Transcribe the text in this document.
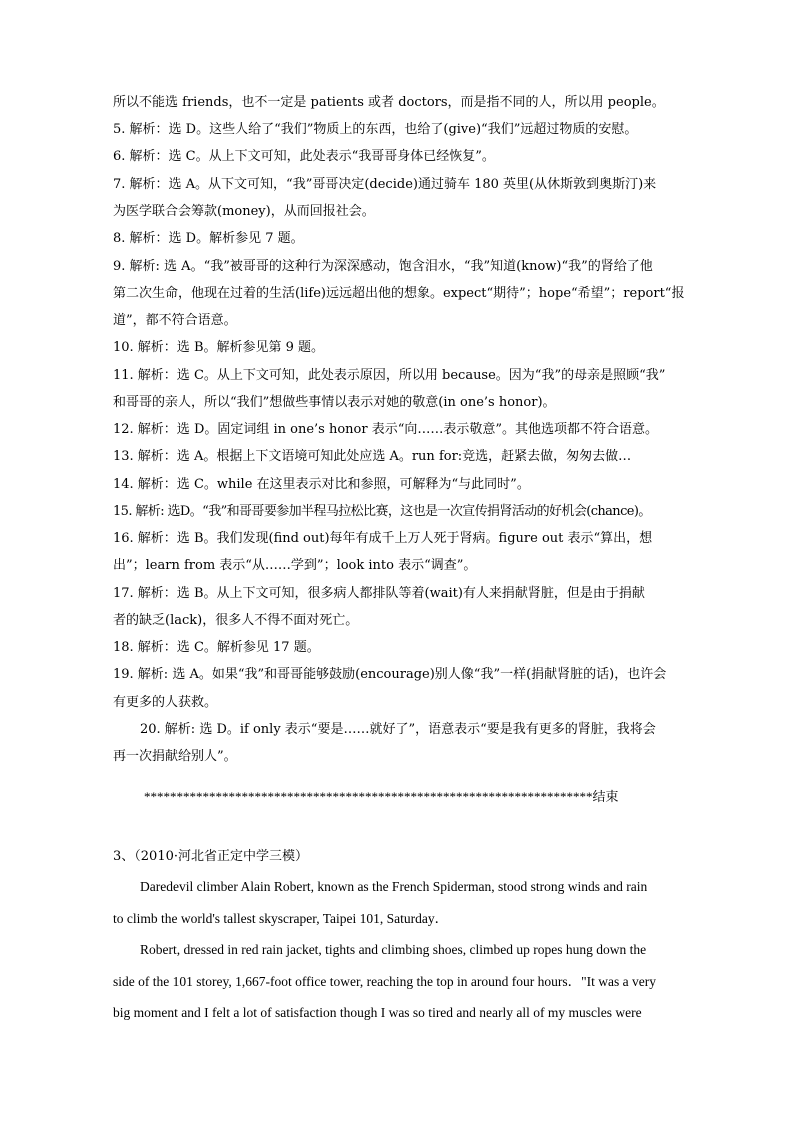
所以不能选 friends，也不一定是 patients 或者 doctors，而是指不同的人，所以用 people。
5. 解析：选 D。这些人给了“我们”物质上的东西，也给了(give)“我们”远超过物质的安慰。
6. 解析：选 C。从上下文可知，此处表示“我哥哥身体已经恢复”。
7. 解析：选 A。从下文可知，“我”哥哥决定(decide)通过骑车 180 英里(从休斯敦到奥斯汀)来
为医学联合会筹款(money)，从而回报社会。
8. 解析：选 D。解析参见 7 题。
9. 解析: 选 A。“我”被哥哥的这种行为深深感动，饱含泪水，“我”知道(know)“我”的肾给了他
第二次生命，他现在过着的生活(life)远远超出他的想象。expect“期待”；hope“希望”；report“报
道”，都不符合语意。
10. 解析：选 B。解析参见第 9 题。
11. 解析：选 C。从上下文可知，此处表示原因，所以用 because。因为“我”的母亲是照顾“我”
和哥哥的亲人，所以“我们”想做些事情以表示对她的敬意(in one’s honor)。
12. 解析：选 D。固定词组 in one’s honor 表示“向……表示敬意”。其他选项都不符合语意。
13. 解析：选 A。根据上下文语境可知此处应选 A。run for:竞选，赶紧去做，匆匆去做…
14. 解析：选 C。while 在这里表示对比和参照，可解释为“与此同时”。
15. 解析: 选D。“我”和哥哥要参加半程马拉松比赛，这也是一次宣传捐肾活动的好机会(chance)。
16. 解析：选 B。我们发现(find out)每年有成千上万人死于肾病。figure out 表示“算出，想
出”；learn from 表示“从……学到”；look into 表示“调查”。
17. 解析：选 B。从上下文可知，很多病人都排队等着(wait)有人来捐献肾脏，但是由于捐献
者的缺乏(lack)，很多人不得不面对死亡。
18. 解析：选 C。解析参见 17 题。
19. 解析: 选 A。如果“我”和哥哥能够鼓励(encourage)别人像“我”一样(捐献肾脏的话)，也许会
有更多的人获救。
20. 解析: 选 D。if only 表示“要是……就好了”，语意表示“要是我有更多的肾脏，我将会
再一次捐献给别人”。
*********************************************************************结束
3、（2010·河北省正定中学三模）
Daredevil climber Alain Robert, known as the French Spiderman, stood strong winds and rain
to climb the world's tallest skyscraper, Taipei 101, Saturday．
Robert, dressed in red rain jacket, tights and climbing shoes, climbed up ropes hung down the
side of the 101 storey, 1,667-foot office tower, reaching the top in around four hours．"It was a very
big moment and I felt a lot of satisfaction though I was so tired and nearly all of my muscles were
